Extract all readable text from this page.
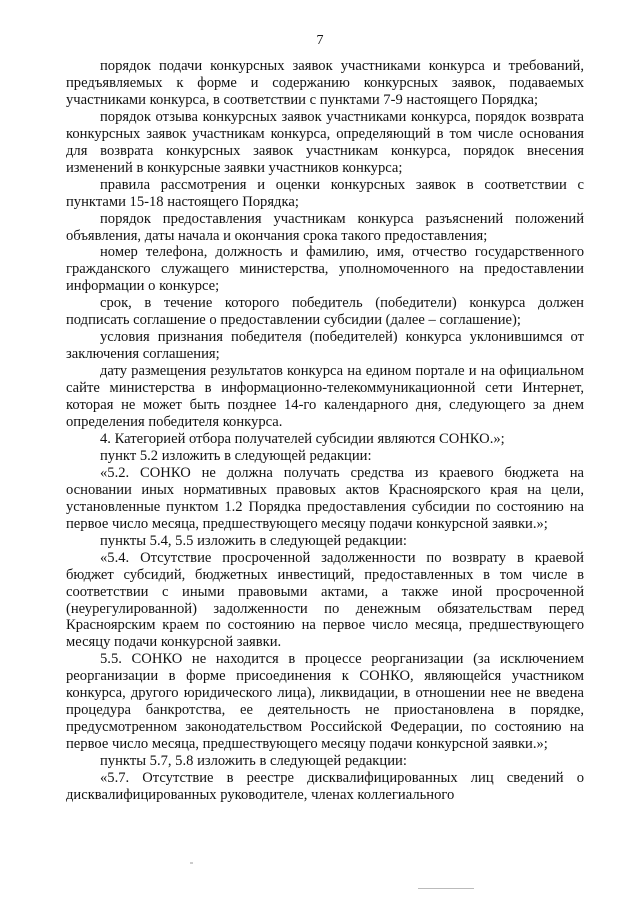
7

порядок подачи конкурсных заявок участниками конкурса и требований, предъявляемых к форме и содержанию конкурсных заявок, подаваемых участниками конкурса, в соответствии с пунктами 7-9 настоящего Порядка;

порядок отзыва конкурсных заявок участниками конкурса, порядок возврата конкурсных заявок участникам конкурса, определяющий в том числе основания для возврата конкурсных заявок участникам конкурса, порядок внесения изменений в конкурсные заявки участников конкурса;

правила рассмотрения и оценки конкурсных заявок в соответствии с пунктами 15-18 настоящего Порядка;

порядок предоставления участникам конкурса разъяснений положений объявления, даты начала и окончания срока такого предоставления;

номер телефона, должность и фамилию, имя, отчество государственного гражданского служащего министерства, уполномоченного на предоставлении информации о конкурсе;

срок, в течение которого победитель (победители) конкурса должен подписать соглашение о предоставлении субсидии (далее – соглашение);

условия признания победителя (победителей) конкурса уклонившимся от заключения соглашения;

дату размещения результатов конкурса на едином портале и на официальном сайте министерства в информационно-телекоммуникационной сети Интернет, которая не может быть позднее 14-го календарного дня, следующего за днем определения победителя конкурса.

4. Категорией отбора получателей субсидии являются СОНКО.»;

пункт 5.2 изложить в следующей редакции:

«5.2. СОНКО не должна получать средства из краевого бюджета на основании иных нормативных правовых актов Красноярского края на цели, установленные пунктом 1.2 Порядка предоставления субсидии по состоянию на первое число месяца, предшествующего месяцу подачи конкурсной заявки.»;

пункты 5.4, 5.5 изложить в следующей редакции:

«5.4. Отсутствие просроченной задолженности по возврату в краевой бюджет субсидий, бюджетных инвестиций, предоставленных в том числе в соответствии с иными правовыми актами, а также иной просроченной (неурегулированной) задолженности по денежным обязательствам перед Красноярским краем по состоянию на первое число месяца, предшествующего месяцу подачи конкурсной заявки.

5.5. СОНКО не находится в процессе реорганизации (за исключением реорганизации в форме присоединения к СОНКО, являющейся участником конкурса, другого юридического лица), ликвидации, в отношении нее не введена процедура банкротства, ее деятельность не приостановлена в порядке, предусмотренном законодательством Российской Федерации, по состоянию на первое число месяца, предшествующего месяцу подачи конкурсной заявки.»;

пункты 5.7, 5.8 изложить в следующей редакции:

«5.7. Отсутствие в реестре дисквалифицированных лиц сведений о дисквалифицированных руководителе, членах коллегиального
